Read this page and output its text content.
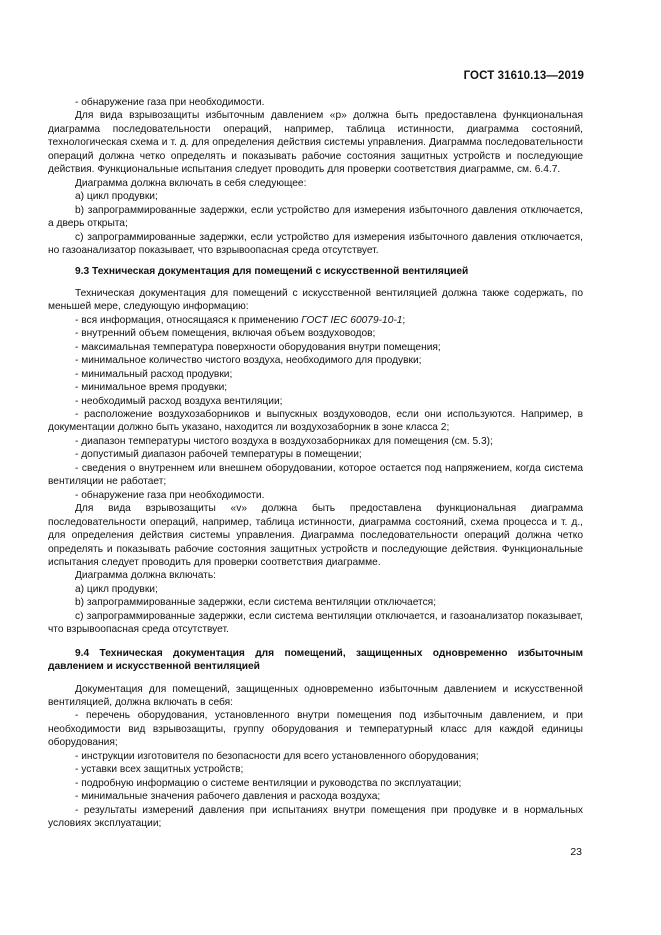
ГОСТ 31610.13—2019

- обнаружение газа при необходимости.

Для вида взрывозащиты избыточным давлением «р» должна быть предоставлена функциональная диаграмма последовательности операций, например, таблица истинности, диаграмма состояний, технологическая схема и т. д. для определения действия системы управления. Диаграмма последовательности операций должна четко определять и показывать рабочие состояния защитных устройств и последующие действия. Функциональные испытания следует проводить для проверки соответствия диаграмме, см. 6.4.7.

Диаграмма должна включать в себя следующее:

a) цикл продувки;

b) запрограммированные задержки, если устройство для измерения избыточного давления отключается, а дверь открыта;

c) запрограммированные задержки, если устройство для измерения избыточного давления отключается, но газоанализатор показывает, что взрывоопасная среда отсутствует.

9.3 Техническая документация для помещений с искусственной вентиляцией

Техническая документация для помещений с искусственной вентиляцией должна также содержать, по меньшей мере, следующую информацию:

- вся информация, относящаяся к применению ГОСТ IEC 60079-10-1;

- внутренний объем помещения, включая объем воздуховодов;

- максимальная температура поверхности оборудования внутри помещения;

- минимальное количество чистого воздуха, необходимого для продувки;

- минимальный расход продувки;

- минимальное время продувки;

- необходимый расход воздуха вентиляции;

- расположение воздухозаборников и выпускных воздуховодов, если они используются. Например, в документации должно быть указано, находится ли воздухозаборник в зоне класса 2;

- диапазон температуры чистого воздуха в воздухозаборниках для помещения (см. 5.3);

- допустимый диапазон рабочей температуры в помещении;

- сведения о внутреннем или внешнем оборудовании, которое остается под напряжением, когда система вентиляции не работает;

- обнаружение газа при необходимости.

Для вида взрывозащиты «v» должна быть предоставлена функциональная диаграмма последовательности операций, например, таблица истинности, диаграмма состояний, схема процесса и т. д., для определения действия системы управления. Диаграмма последовательности операций должна четко определять и показывать рабочие состояния защитных устройств и последующие действия. Функциональные испытания следует проводить для проверки соответствия диаграмме.

Диаграмма должна включать:

a) цикл продувки;

b) запрограммированные задержки, если система вентиляции отключается;

c) запрограммированные задержки, если система вентиляции отключается, и газоанализатор показывает, что взрывоопасная среда отсутствует.

9.4 Техническая документация для помещений, защищенных одновременно избыточным давлением и искусственной вентиляцией

Документация для помещений, защищенных одновременно избыточным давлением и искусственной вентиляцией, должна включать в себя:

- перечень оборудования, установленного внутри помещения под избыточным давлением, и при необходимости вид взрывозащиты, группу оборудования и температурный класс для каждой единицы оборудования;

- инструкции изготовителя по безопасности для всего установленного оборудования;

- уставки всех защитных устройств;

- подробную информацию о системе вентиляции и руководства по эксплуатации;

- минимальные значения рабочего давления и расхода воздуха;

- результаты измерений давления при испытаниях внутри помещения при продувке и в нормальных условиях эксплуатации;

23
